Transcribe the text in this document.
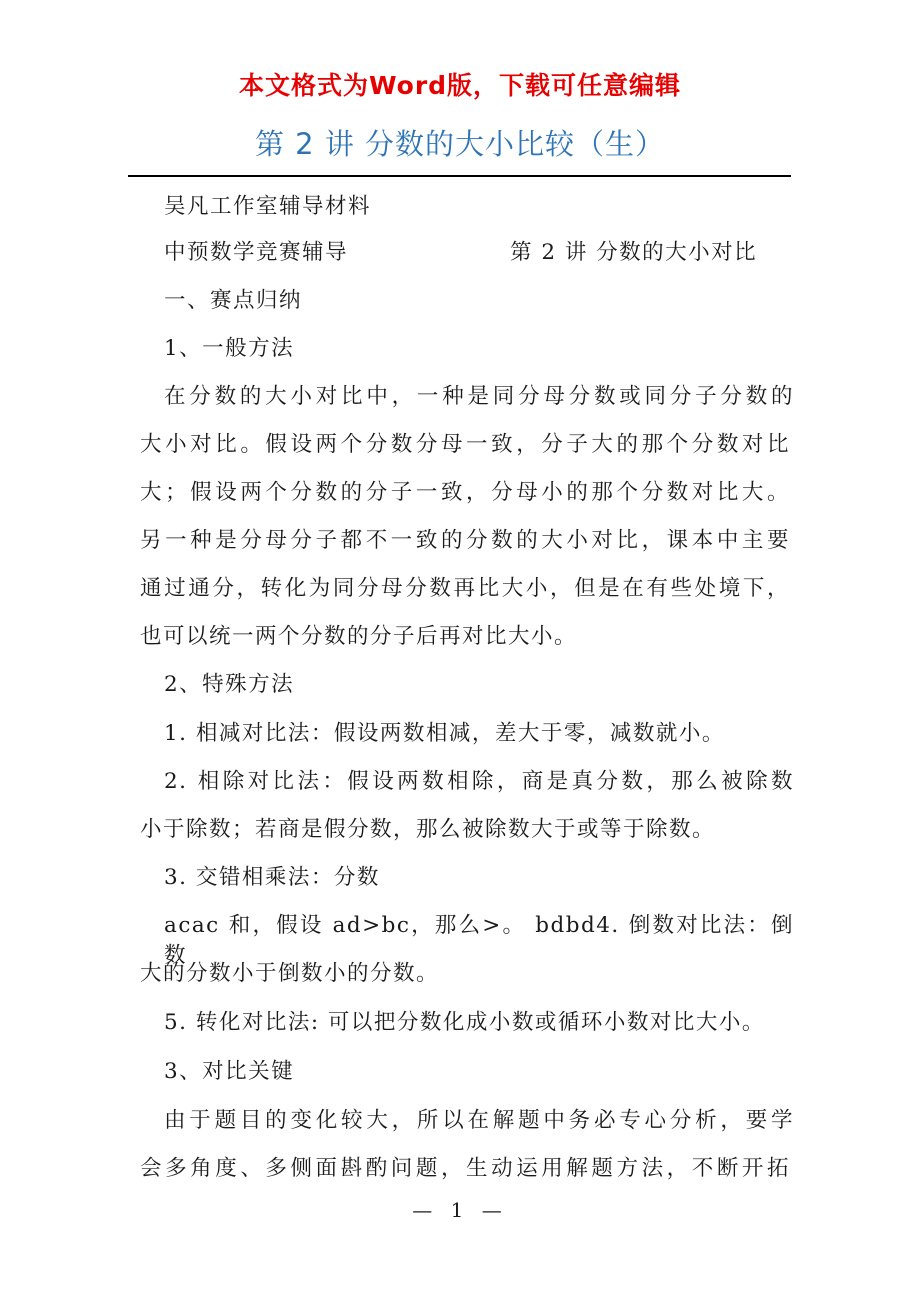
本文格式为Word版，下载可任意编辑
第 2 讲 分数的大小比较（生）
吴凡工作室辅导材料
中预数学竞赛辅导	第 2 讲 分数的大小对比
一、赛点归纳
1、一般方法
在分数的大小对比中，一种是同分母分数或同分子分数的
大小对比。假设两个分数分母一致，分子大的那个分数对比
大；假设两个分数的分子一致，分母小的那个分数对比大。
另一种是分母分子都不一致的分数的大小对比，课本中主要
通过通分，转化为同分母分数再比大小，但是在有些处境下，
也可以统一两个分数的分子后再对比大小。
2、特殊方法
1. 相减对比法：假设两数相减，差大于零，减数就小。
2. 相除对比法：假设两数相除，商是真分数，那么被除数
小于除数；若商是假分数，那么被除数大于或等于除数。
3. 交错相乘法：分数
acac 和，假设 ad>bc，那么>。 bdbd4. 倒数对比法：倒数
大的分数小于倒数小的分数。
5. 转化对比法: 可以把分数化成小数或循环小数对比大小。
3、对比关键
由于题目的变化较大，所以在解题中务必专心分析，要学
会多角度、多侧面斟酌问题，生动运用解题方法，不断开拓
— 1 —
